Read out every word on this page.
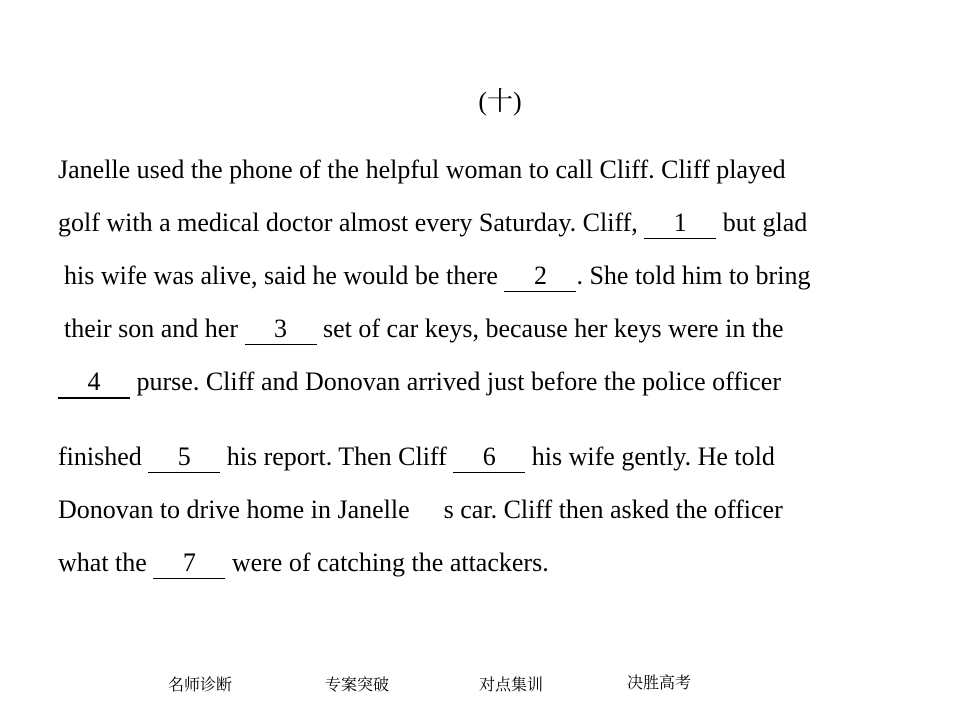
(十)
Janelle used the phone of the helpful woman to call Cliff. Cliff played
golf with a medical doctor almost every Saturday. Cliff, 1 but glad
his wife was alive, said he would be there 2 . She told him to bring
their son and her 3 set of car keys, because her keys were in the
4 purse. Cliff and Donovan arrived just before the police officer
finished 5 his report. Then Cliff 6 his wife gently. He told
Donovan to drive home in Janelle s car. Cliff then asked the officer
what the 7 were of catching the attackers.
名师诊断	专案突破	对点集训	决胜高考
